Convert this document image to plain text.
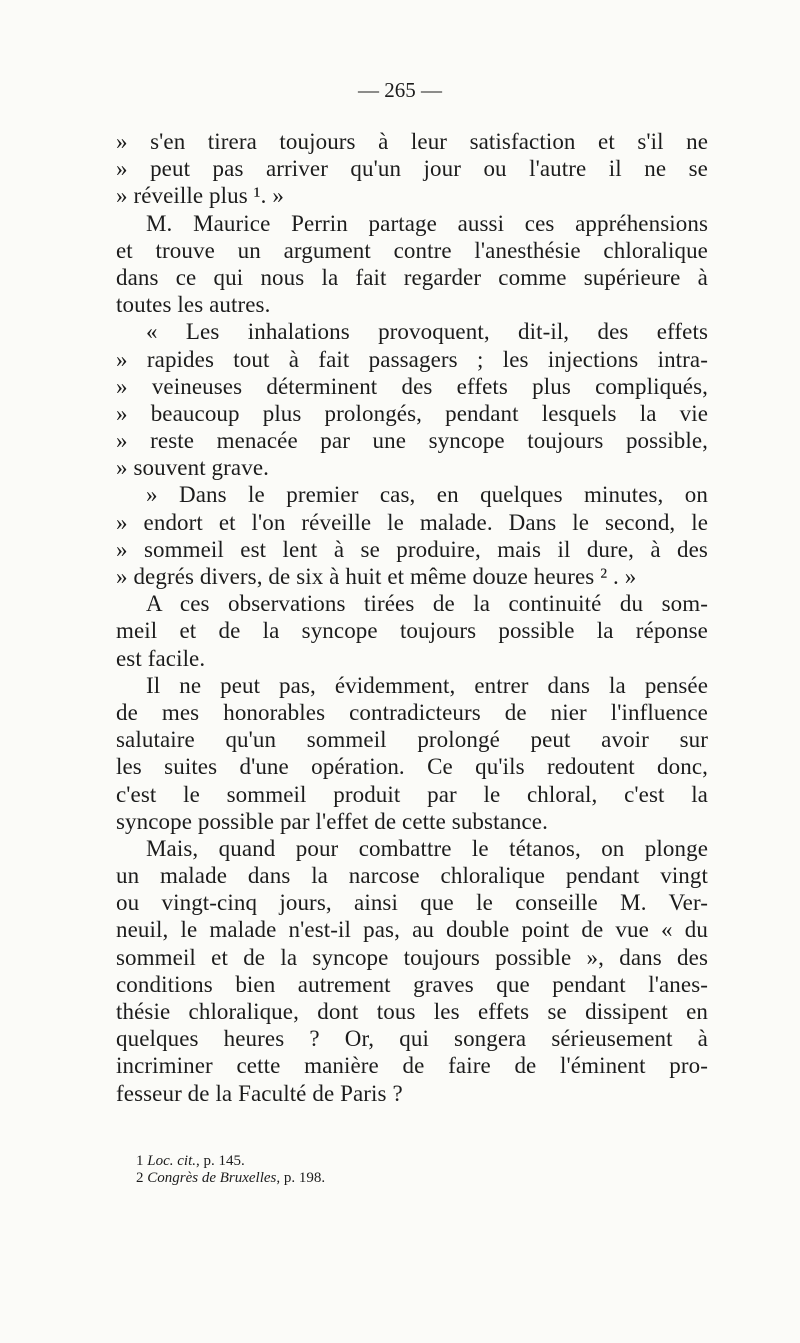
— 265 —
» s'en tirera toujours à leur satisfaction et s'il ne
» peut pas arriver qu'un jour ou l'autre il ne se
» réveille plus ¹. »
M. Maurice Perrin partage aussi ces appréhensions
et trouve un argument contre l'anesthésie chloralique
dans ce qui nous la fait regarder comme supérieure à
toutes les autres.
« Les inhalations provoquent, dit-il, des effets
» rapides tout à fait passagers ; les injections intra-
» veineuses déterminent des effets plus compliqués,
» beaucoup plus prolongés, pendant lesquels la vie
» reste menacée par une syncope toujours possible,
» souvent grave.
» Dans le premier cas, en quelques minutes, on
» endort et l'on réveille le malade. Dans le second, le
» sommeil est lent à se produire, mais il dure, à des
» degrés divers, de six à huit et même douze heures ² . »
A ces observations tirées de la continuité du som-
meil et de la syncope toujours possible la réponse
est facile.
Il ne peut pas, évidemment, entrer dans la pensée
de mes honorables contradicteurs de nier l'influence
salutaire qu'un sommeil prolongé peut avoir sur
les suites d'une opération. Ce qu'ils redoutent donc,
c'est le sommeil produit par le chloral, c'est la
syncope possible par l'effet de cette substance.
Mais, quand pour combattre le tétanos, on plonge
un malade dans la narcose chloralique pendant vingt
ou vingt-cinq jours, ainsi que le conseille M. Ver-
neuil, le malade n'est-il pas, au double point de vue « du
sommeil et de la syncope toujours possible », dans des
conditions bien autrement graves que pendant l'anes-
thésie chloralique, dont tous les effets se dissipent en
quelques heures ? Or, qui songera sérieusement à
incriminer cette manière de faire de l'éminent pro-
fesseur de la Faculté de Paris ?
1 Loc. cit., p. 145.
2 Congrès de Bruxelles, p. 198.
